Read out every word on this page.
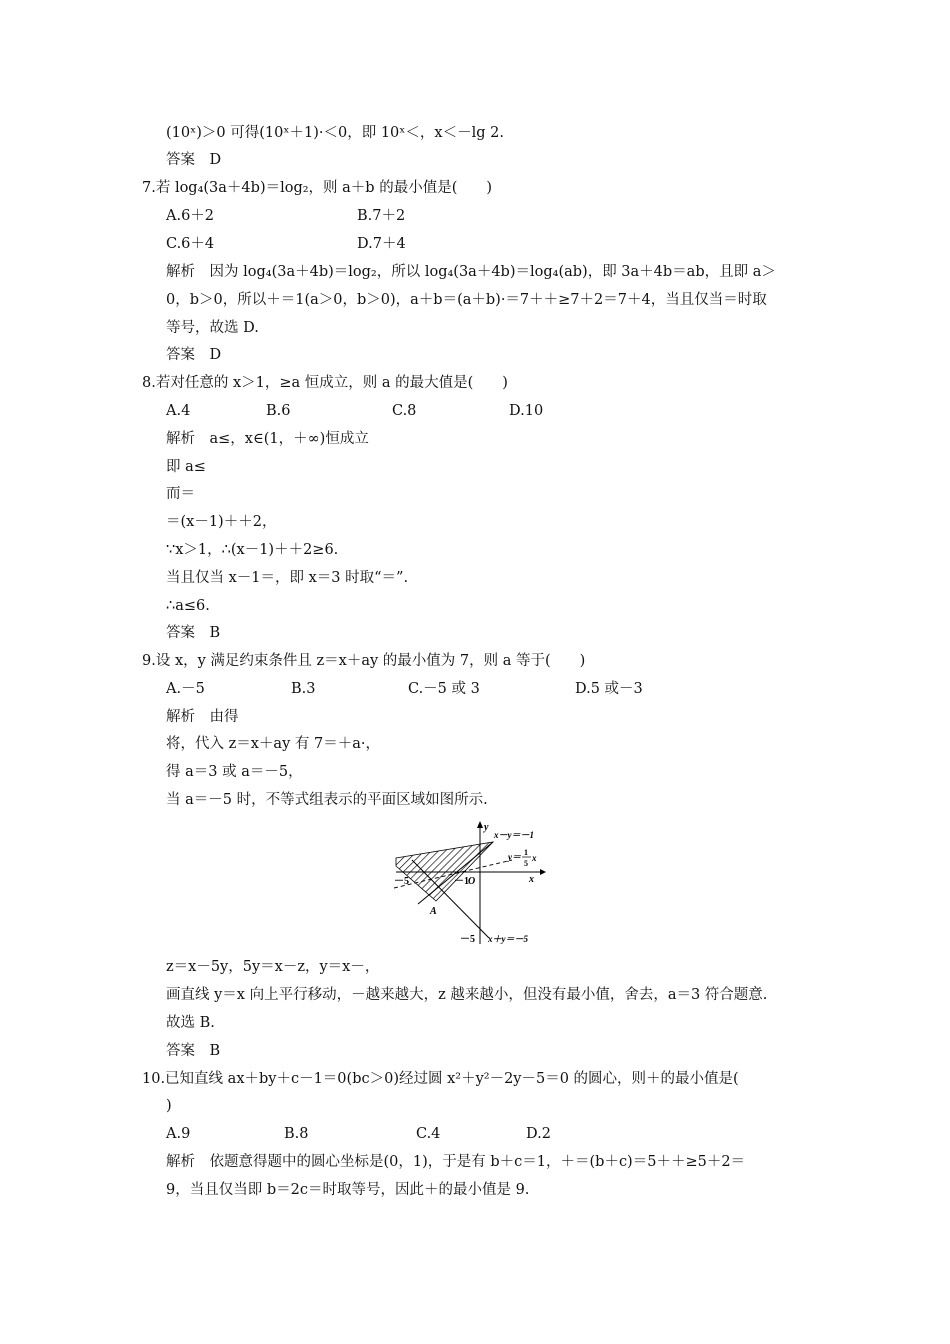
(10ˣ)＞0 可得(10ˣ＋1)·＜0，即 10ˣ＜，x＜－lg 2.
答案　D
7.若 log₄(3a＋4b)＝log₂，则 a＋b 的最小值是(　　)
A.6＋2	B.7＋2
C.6＋4	D.7＋4
解析　因为 log₄(3a＋4b)＝log₂，所以 log₄(3a＋4b)＝log₄(ab)，即 3a＋4b＝ab，且即 a＞
0，b＞0，所以＋＝1(a＞0，b＞0)，a＋b＝(a＋b)·＝7＋＋≥7＋2＝7＋4，当且仅当＝时取
等号，故选 D.
答案　D
8.若对任意的 x＞1，≥a 恒成立，则 a 的最大值是(　　)
A.4	B.6	C.8	D.10
解析　a≤，x∈(1，＋∞)恒成立
即 a≤
而＝
＝(x－1)＋＋2，
∵x＞1，∴(x－1)＋＋2≥6.
当且仅当 x－1＝，即 x＝3 时取“＝”.
∴a≤6.
答案　B
9.设 x，y 满足约束条件且 z＝x＋ay 的最小值为 7，则 a 等于(　　)
A.－5	B.3	C.－5 或 3	D.5 或－3
解析　由得
将，代入 z＝x＋ay 有 7＝＋a·，
得 a＝3 或 a＝－5，
当 a＝－5 时，不等式组表示的平面区域如图所示.
y
x
O
x－y＝－1
y＝ 1
5
x
－5	－1
－5 x＋y＝－5
A
z＝x－5y，5y＝x－z，y＝x－，
画直线 y＝x 向上平行移动，－越来越大，z 越来越小，但没有最小值，舍去，a＝3 符合题意.
故选 B.
答案　B
10.已知直线 ax＋by＋c－1＝0(bc＞0)经过圆 x²＋y²－2y－5＝0 的圆心，则＋的最小值是(
)
A.9	B.8	C.4	D.2
解析　依题意得题中的圆心坐标是(0，1)，于是有 b＋c＝1，＋＝(b＋c)＝5＋＋≥5＋2＝
9，当且仅当即 b＝2c＝时取等号，因此＋的最小值是 9.
